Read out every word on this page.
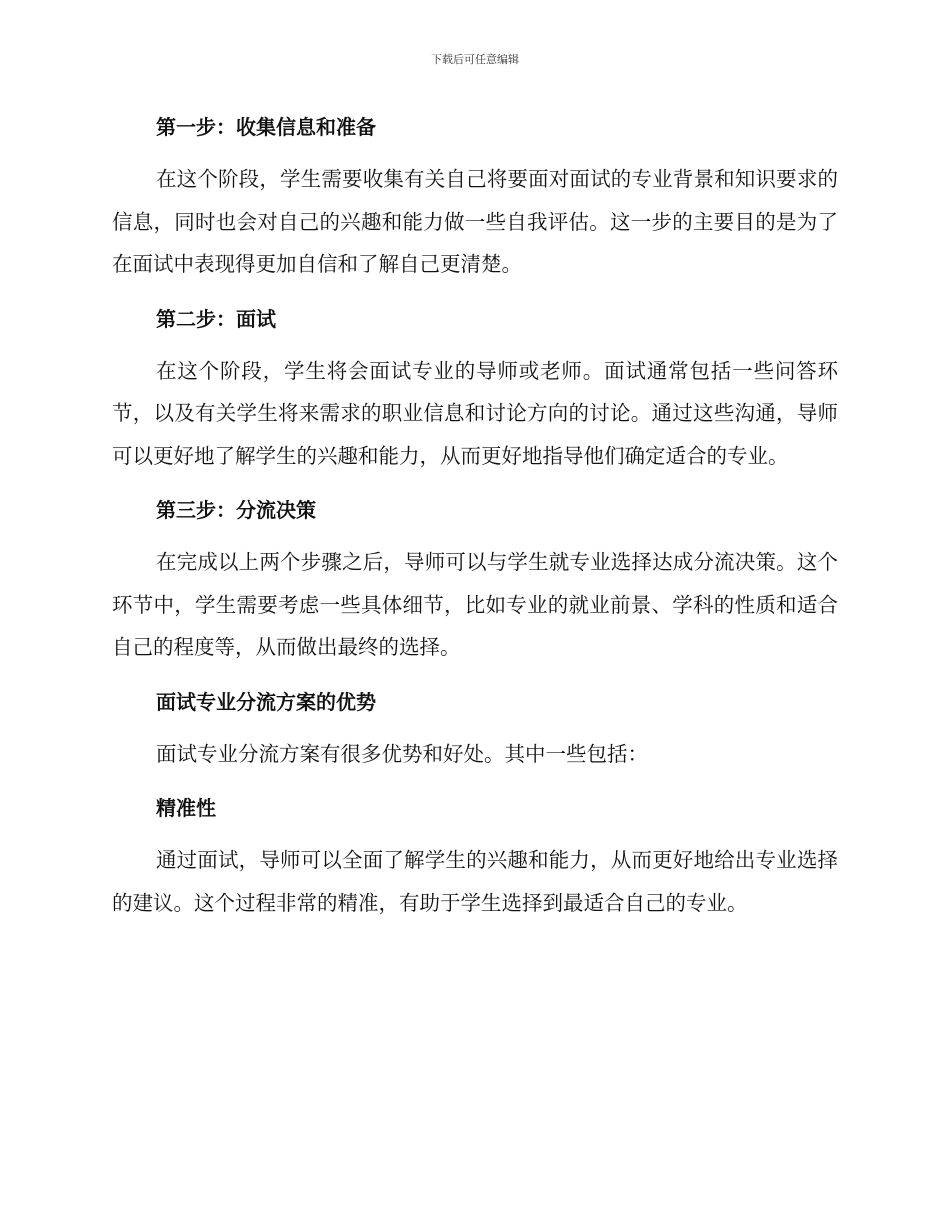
下载后可任意编辑
第一步：收集信息和准备

在这个阶段，学生需要收集有关自己将要面对面试的专业背景和知识要求的信息，同时也会对自己的兴趣和能力做一些自我评估。这一步的主要目的是为了在面试中表现得更加自信和了解自己更清楚。

第二步：面试

在这个阶段，学生将会面试专业的导师或老师。面试通常包括一些问答环节，以及有关学生将来需求的职业信息和讨论方向的讨论。通过这些沟通，导师可以更好地了解学生的兴趣和能力，从而更好地指导他们确定适合的专业。

第三步：分流决策

在完成以上两个步骤之后，导师可以与学生就专业选择达成分流决策。这个环节中，学生需要考虑一些具体细节，比如专业的就业前景、学科的性质和适合自己的程度等，从而做出最终的选择。

面试专业分流方案的优势

面试专业分流方案有很多优势和好处。其中一些包括：

精准性

通过面试，导师可以全面了解学生的兴趣和能力，从而更好地给出专业选择的建议。这个过程非常的精准，有助于学生选择到最适合自己的专业。
